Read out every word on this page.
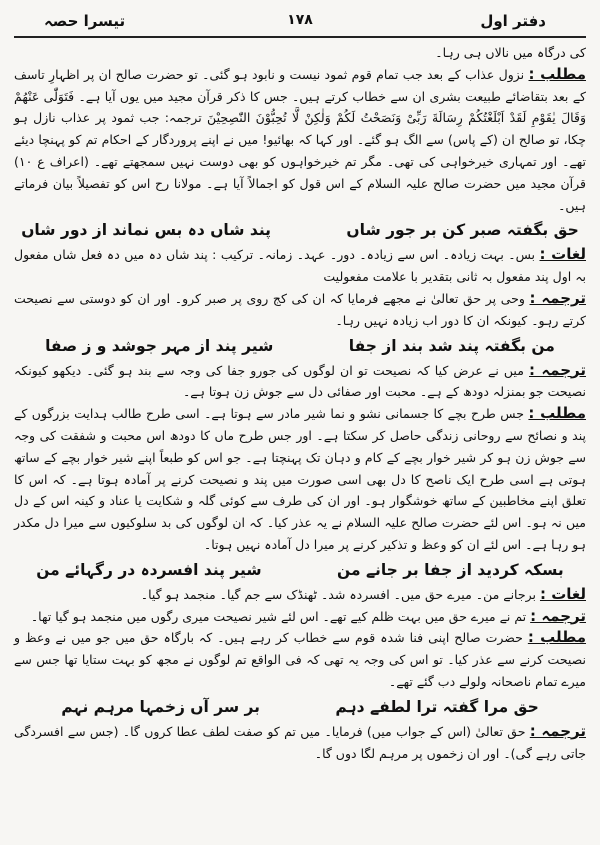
دفتر اول
۱۷۸
تیسرا حصہ

کی درگاہ میں نالاں ہی رہا۔

مطلب : نزول عذاب کے بعد جب تمام قوم ثمود نیست و نابود ہو گئی۔ تو حضرت صالح ان پر اظہارِ تاسف کے بعد بتقاضائے طبیعت بشری ان سے خطاب کرتے ہیں۔ جس کا ذکر قرآن مجید میں یوں آیا ہے۔ فَتَوَلّٰی عَنْهُمْ وَقَالَ یٰقَوْمِ لَقَدْ اَبْلَغْتُكُمْ رِسَالَةَ رَبِّیْ وَنَصَحْتُ لَكُمْ وَلٰكِنْ لَّا تُحِبُّوْنَ النّٰصِحِیْنَ ترجمہ: جب ثمود پر عذاب نازل ہو چکا، تو صالح ان (کے پاس) سے الگ ہو گئے۔ اور کہا کہ بھائیو! میں نے اپنے پروردگار کے احکام تم کو پہنچا دیئے تھے۔ اور تمہاری خیرخواہی کی تھی۔ مگر تم خیرخواہوں کو بھی دوست نہیں سمجھتے تھے۔ (اعراف ع ۱۰) قرآن مجید میں حضرت صالح علیہ السلام کے اس قول کو اجمالاً آیا ہے۔ مولانا رح اس کو تفصیلاً بیان فرماتے ہیں۔

حق بگفتہ صبر کن بر جور شاں پند شاں دہ بس نماند از دور شاں

لغات : بس۔ بہت زیادہ۔ اس سے زیادہ۔ دور۔ عہد۔ زمانہ۔ ترکیب : پند شاں دہ میں دہ فعل شاں مفعول بہ اول پند مفعول بہ ثانی بتقدیر با علامت مفعولیت

ترجمہ : وحی پر حق تعالیٰ نے مجھے فرمایا کہ ان کی کج روی پر صبر کرو۔ اور ان کو دوستی سے نصیحت کرتے رہو۔ کیونکہ ان کا دور اب زیادہ نہیں رہا۔

من بگفتہ پند شد بند از جفا شیر پند از مہر جوشد و ز صفا

ترجمہ : میں نے عرض کیا کہ نصیحت تو ان لوگوں کی جورو جفا کی وجہ سے بند ہو گئی۔ دیکھو کیونکہ نصیحت جو بمنزلہ دودھ کے ہے۔ محبت اور صفائی دل سے جوش زن ہوتا ہے۔

مطلب : جس طرح بچے کا جسمانی نشو و نما شیر مادر سے ہوتا ہے۔ اسی طرح طالب ہدایت بزرگوں کے پند و نصائح سے روحانی زندگی حاصل کر سکتا ہے۔ اور جس طرح ماں کا دودھ اس محبت و شفقت کی وجہ سے جوش زن ہو کر شیر خوار بچے کے کام و دہان تک پہنچتا ہے۔ جو اس کو طبعاً اپنے شیر خوار بچے کے ساتھ ہوتی ہے اسی طرح ایک ناصح کا دل بھی اسی صورت میں پند و نصیحت کرنے پر آمادہ ہوتا ہے۔ کہ اس کا تعلق اپنے مخاطبین کے ساتھ خوشگوار ہو۔ اور ان کی طرف سے کوئی گلہ و شکایت یا عناد و کینہ اس کے دل میں نہ ہو۔ اس لئے حضرت صالح علیہ السلام نے یہ عذر کیا۔ کہ ان لوگوں کی بد سلوکیوں سے میرا دل مکدر ہو رہا ہے۔ اس لئے ان کو وعظ و تذکیر کرنے پر میرا دل آمادہ نہیں ہوتا۔

بسکہ کردید از جفا بر جانے من شیر پند افسردہ در رگہائے من

لغات : برجانے من۔ میرے حق میں۔ افسردہ شد۔ ٹھنڈک سے جم گیا۔ منجمد ہو گیا۔

ترجمہ : تم نے میرے حق میں بہت ظلم کیے تھے۔ اس لئے شیر نصیحت میری رگوں میں منجمد ہو گیا تھا۔

مطلب : حضرت صالح اپنی فنا شدہ قوم سے خطاب کر رہے ہیں۔ کہ بارگاہ حق میں جو میں نے وعظ و نصیحت کرنے سے عذر کیا۔ تو اس کی وجہ یہ تھی کہ فی الواقع تم لوگوں نے مجھ کو بہت ستایا تھا جس سے میرے تمام ناصحانہ ولولے دب گئے تھے۔

حق مرا گفتہ ترا لطفے دہم بر سر آں زخمہا مرہم نہم

ترجمہ : حق تعالیٰ (اس کے جواب میں) فرمایا۔ میں تم کو صفت لطف عطا کروں گا۔ (جس سے افسردگی جاتی رہے گی)۔ اور ان زخموں پر مرہم لگا دوں گا۔
